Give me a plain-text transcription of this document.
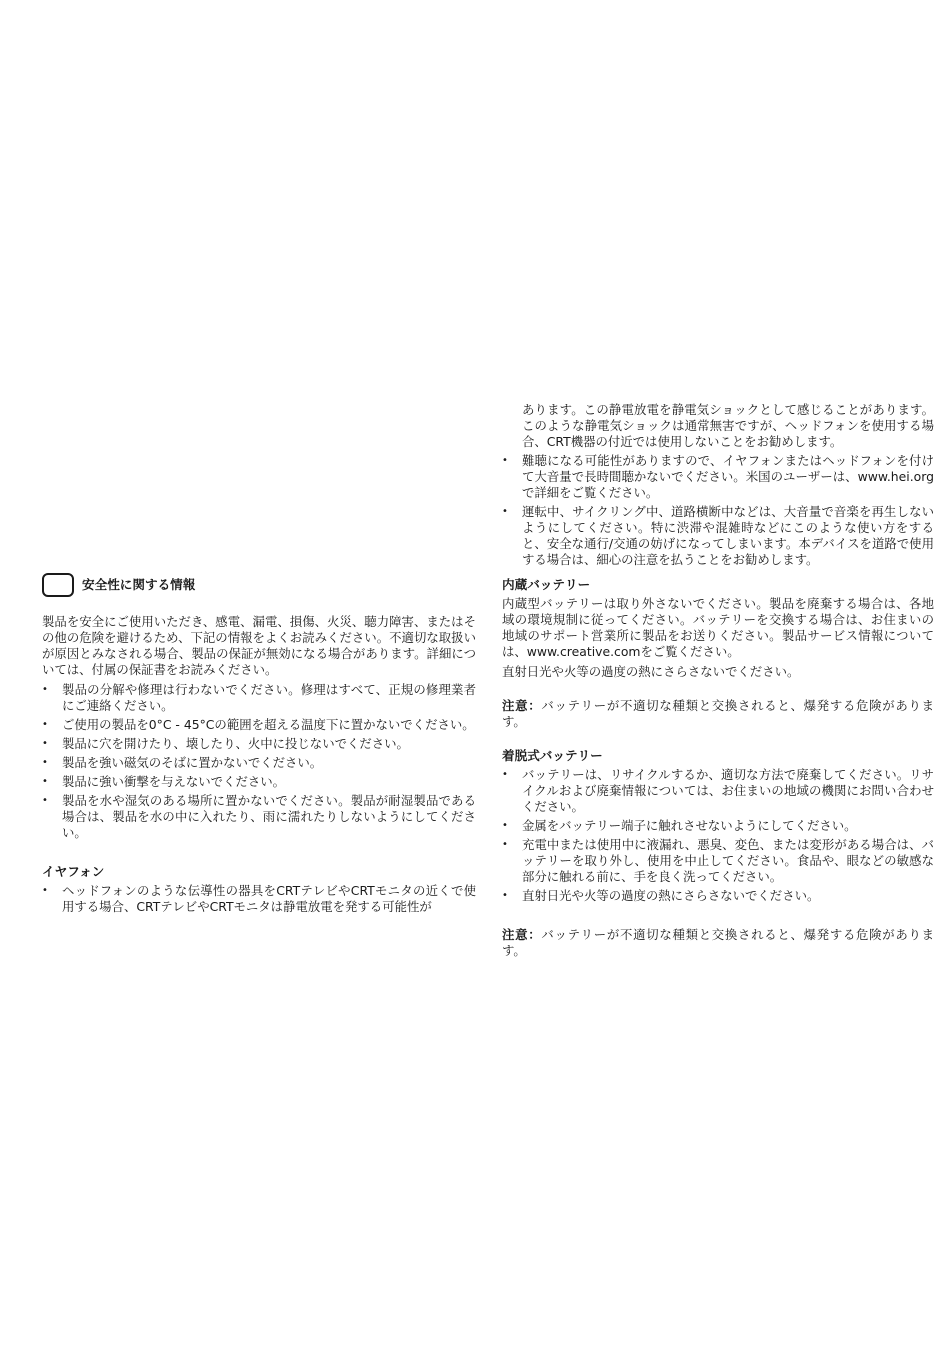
安全性に関する情報

製品を安全にご使用いただき、感電、漏電、損傷、火災、聴力障害、またはその他の危険を避けるため、下記の情報をよくお読みください。不適切な取扱いが原因とみなされる場合、製品の保証が無効になる場合があります。詳細については、付属の保証書をお読みください。

• 製品の分解や修理は行わないでください。修理はすべて、正規の修理業者にご連絡ください。
• ご使用の製品を0°C - 45°Cの範囲を超える温度下に置かないでください。
• 製品に穴を開けたり、壊したり、火中に投じないでください。
• 製品を強い磁気のそばに置かないでください。
• 製品に強い衝撃を与えないでください。
• 製品を水や湿気のある場所に置かないでください。製品が耐湿製品である場合は、製品を水の中に入れたり、雨に濡れたりしないようにしてください。
イヤフォン
• ヘッドフォンのような伝導性の器具をCRTテレビやCRTモニタの近くで使用する場合、CRTテレビやCRTモニタは静電放電を発する可能性が
あります。この静電放電を静電気ショックとして感じることがあります。このような静電気ショックは通常無害ですが、ヘッドフォンを使用する場合、CRT機器の付近では使用しないことをお勧めします。
• 難聴になる可能性がありますので、イヤフォンまたはヘッドフォンを付けて大音量で長時間聴かないでください。米国のユーザーは、www.hei.orgで詳細をご覧ください。
• 運転中、サイクリング中、道路横断中などは、大音量で音楽を再生しないようにしてください。特に渋滞や混雑時などにこのような使い方をすると、安全な通行/交通の妨げになってしまいます。本デバイスを道路で使用する場合は、細心の注意を払うことをお勧めします。
内蔵バッテリー

内蔵型バッテリーは取り外さないでください。製品を廃棄する場合は、各地域の環境規制に従ってください。バッテリーを交換する場合は、お住まいの地域のサポート営業所に製品をお送りください。製品サービス情報については、www.creative.comをご覧ください。

直射日光や火等の過度の熱にさらさないでください。

注意：バッテリーが不適切な種類と交換されると、爆発する危険があります。

着脱式バッテリー
• バッテリーは、リサイクルするか、適切な方法で廃棄してください。リサイクルおよび廃棄情報については、お住まいの地域の機関にお問い合わせください。
• 金属をバッテリー端子に触れさせないようにしてください。
• 充電中または使用中に液漏れ、悪臭、変色、または変形がある場合は、バッテリーを取り外し、使用を中止してください。食品や、眼などの敏感な部分に触れる前に、手を良く洗ってください。
• 直射日光や火等の過度の熱にさらさないでください。

注意：バッテリーが不適切な種類と交換されると、爆発する危険があります。
